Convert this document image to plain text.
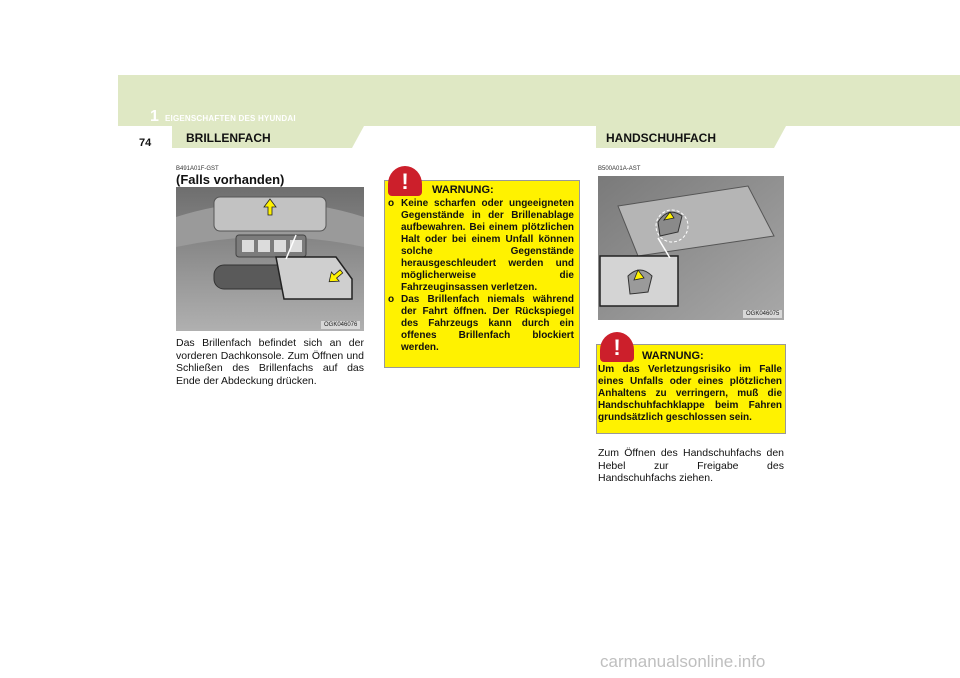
1 EIGENSCHAFTEN DES HYUNDAI
74	BRILLENFACH	HANDSCHUHFACH
B491A01F-GST
(Falls vorhanden)
OGK046076
Das Brillenfach befindet sich an der vorderen Dachkonsole. Zum Öffnen und Schließen des Brillenfachs auf das Ende der Abdeckung drücken.
!	WARNUNG:

o Keine scharfen oder ungeeigneten Gegenstände in der Brillenablage aufbewahren. Bei einem plötzlichen Halt oder bei einem Unfall können solche Gegenstände herausgeschleudert werden und möglicherweise die Fahrzeuginsassen verletzen.

o Das Brillenfach niemals während der Fahrt öffnen. Der Rückspiegel des Fahrzeugs kann durch ein offenes Brillenfach blockiert werden.

B500A01A-AST
OGK046075
!	WARNUNG:
Um das Verletzungsrisiko im Falle eines Unfalls oder eines plötzlichen Anhaltens zu verringern, muß die Handschuhfachklappe beim Fahren grundsätzlich geschlossen sein.
Zum Öffnen des Handschuhfachs den Hebel zur Freigabe des Handschuhfachs ziehen.
carmanualsonline.info
